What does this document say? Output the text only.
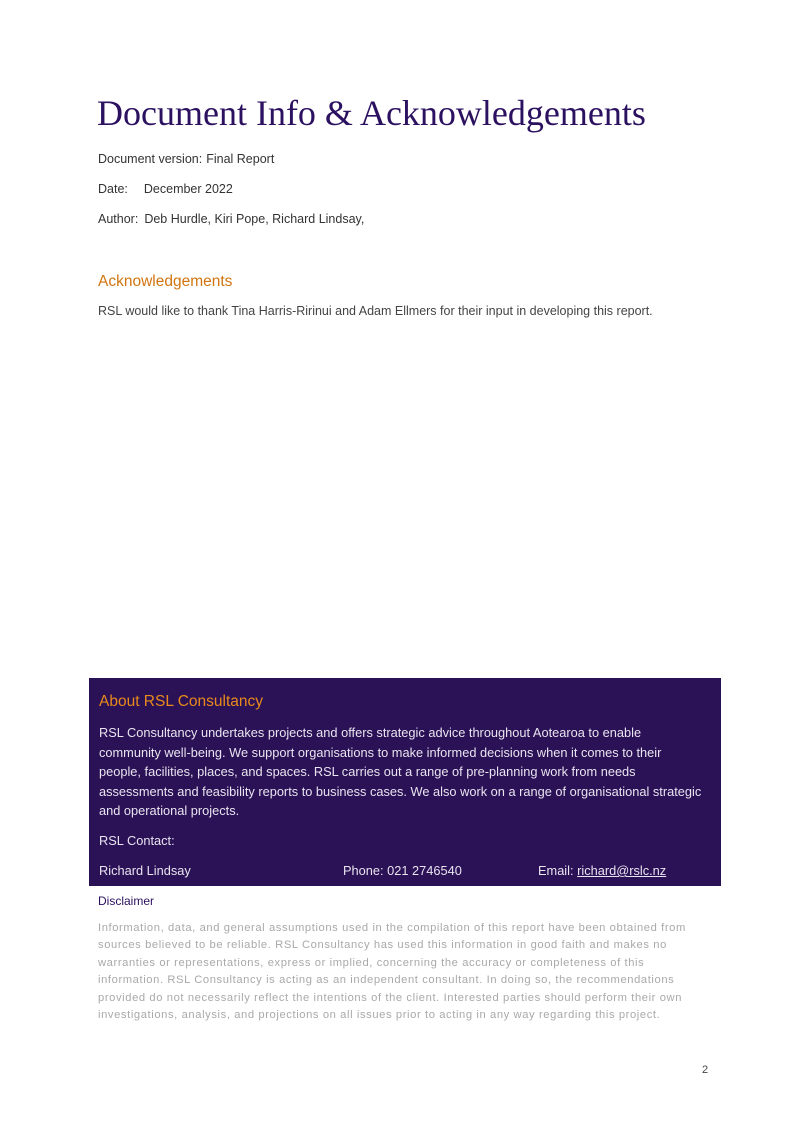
Document Info & Acknowledgements
Document version: Final Report
Date: December 2022
Author: Deb Hurdle, Kiri Pope, Richard Lindsay,
Acknowledgements
RSL would like to thank Tina Harris-Ririnui and Adam Ellmers for their input in developing this report.
About RSL Consultancy

RSL Consultancy undertakes projects and offers strategic advice throughout Aotearoa to enable community well-being. We support organisations to make informed decisions when it comes to their people, facilities, places, and spaces. RSL carries out a range of pre-planning work from needs assessments and feasibility reports to business cases. We also work on a range of organisational strategic and operational projects.

RSL Contact:
Richard Lindsay	Phone: 021 2746540	Email: richard@rslc.nz
Disclaimer

Information, data, and general assumptions used in the compilation of this report have been obtained from sources believed to be reliable. RSL Consultancy has used this information in good faith and makes no warranties or representations, express or implied, concerning the accuracy or completeness of this information. RSL Consultancy is acting as an independent consultant. In doing so, the recommendations provided do not necessarily reflect the intentions of the client. Interested parties should perform their own investigations, analysis, and projections on all issues prior to acting in any way regarding this project.

2
